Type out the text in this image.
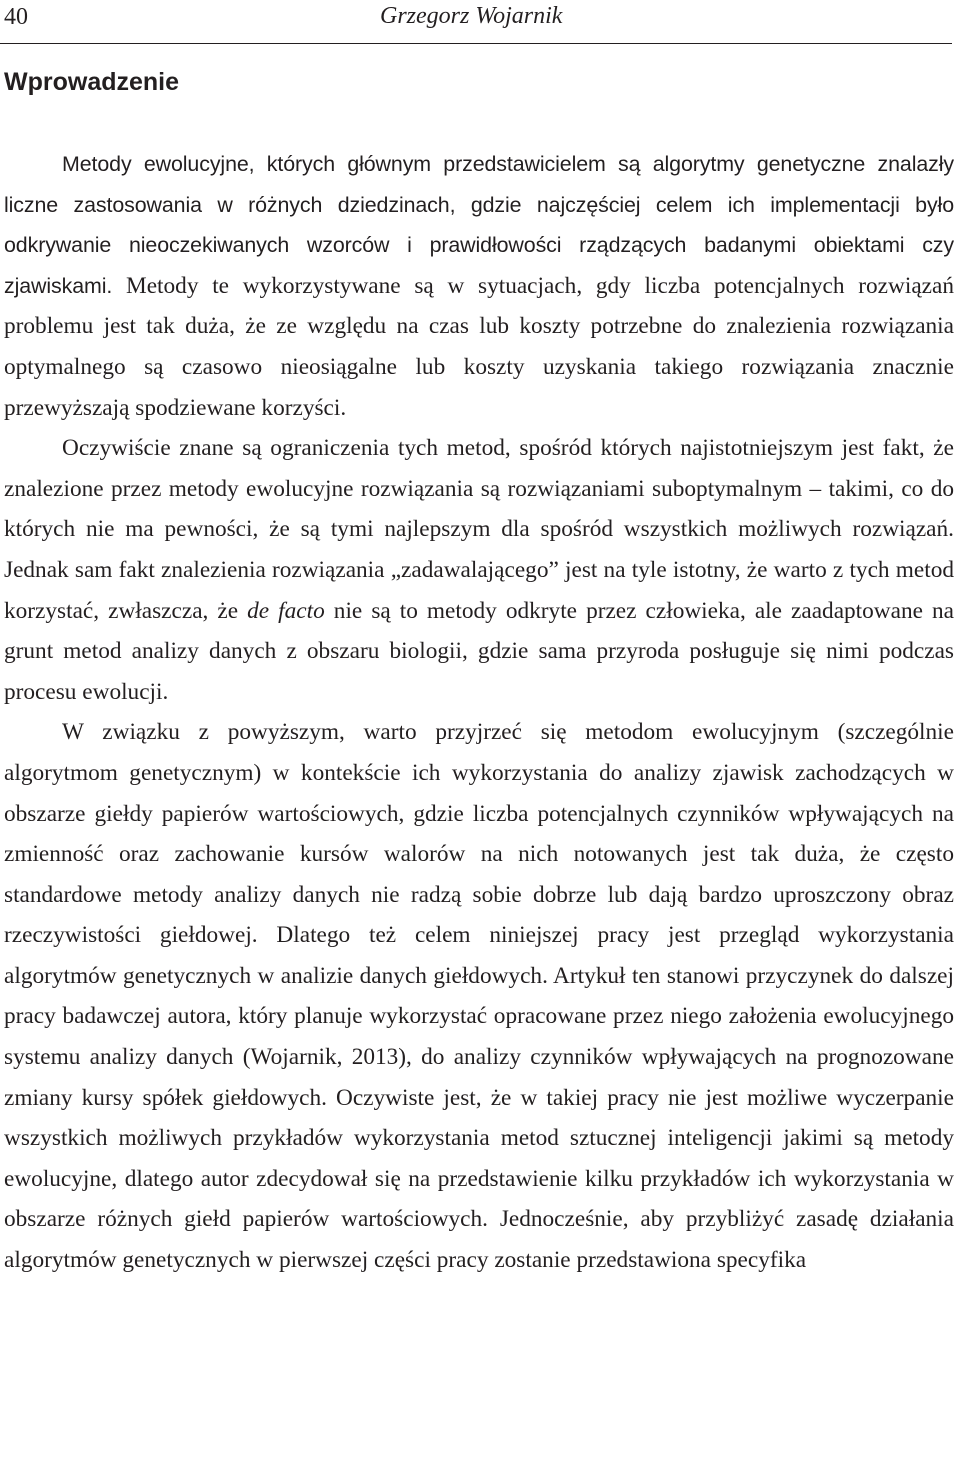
40	Grzegorz Wojarnik
Wprowadzenie

Metody ewolucyjne, których głównym przedstawicielem są algorytmy genetyczne znalazły liczne zastosowania w różnych dziedzinach, gdzie najczęściej celem ich implementacji było odkrywanie nieoczekiwanych wzorców i prawidłowości rządzących badanymi obiektami czy zjawiskami. Metody te wykorzystywane są w sytuacjach, gdy liczba potencjalnych rozwiązań problemu jest tak duża, że ze względu na czas lub koszty potrzebne do znalezienia rozwiązania optymalnego są czasowo nieosiągalne lub koszty uzyskania takiego rozwiązania znacznie przewyższają spodziewane korzyści.

Oczywiście znane są ograniczenia tych metod, spośród których najistotniejszym jest fakt, że znalezione przez metody ewolucyjne rozwiązania są rozwiązaniami suboptymalnym – takimi, co do których nie ma pewności, że są tymi najlepszym dla spośród wszystkich możliwych rozwiązań. Jednak sam fakt znalezienia rozwiązania „zadawalającego” jest na tyle istotny, że warto z tych metod korzystać, zwłaszcza, że de facto nie są to metody odkryte przez człowieka, ale zaadaptowane na grunt metod analizy danych z obszaru biologii, gdzie sama przyroda posługuje się nimi podczas procesu ewolucji.

W związku z powyższym, warto przyjrzeć się metodom ewolucyjnym (szczególnie algorytmom genetycznym) w kontekście ich wykorzystania do analizy zjawisk zachodzących w obszarze giełdy papierów wartościowych, gdzie liczba potencjalnych czynników wpływających na zmienność oraz zachowanie kursów walorów na nich notowanych jest tak duża, że często standardowe metody analizy danych nie radzą sobie dobrze lub dają bardzo uproszczony obraz rzeczywistości giełdowej. Dlatego też celem niniejszej pracy jest przegląd wykorzystania algorytmów genetycznych w analizie danych giełdowych. Artykuł ten stanowi przyczynek do dalszej pracy badawczej autora, który planuje wykorzystać opracowane przez niego założenia ewolucyjnego systemu analizy danych (Wojarnik, 2013), do analizy czynników wpływających na prognozowane zmiany kursy spółek giełdowych. Oczywiste jest, że w takiej pracy nie jest możliwe wyczerpanie wszystkich możliwych przykładów wykorzystania metod sztucznej inteligencji jakimi są metody ewolucyjne, dlatego autor zdecydował się na przedstawienie kilku przykładów ich wykorzystania w obszarze różnych giełd papierów wartościowych. Jednocześnie, aby przybliżyć zasadę działania algorytmów genetycznych w pierwszej części pracy zostanie przedstawiona specyfika
